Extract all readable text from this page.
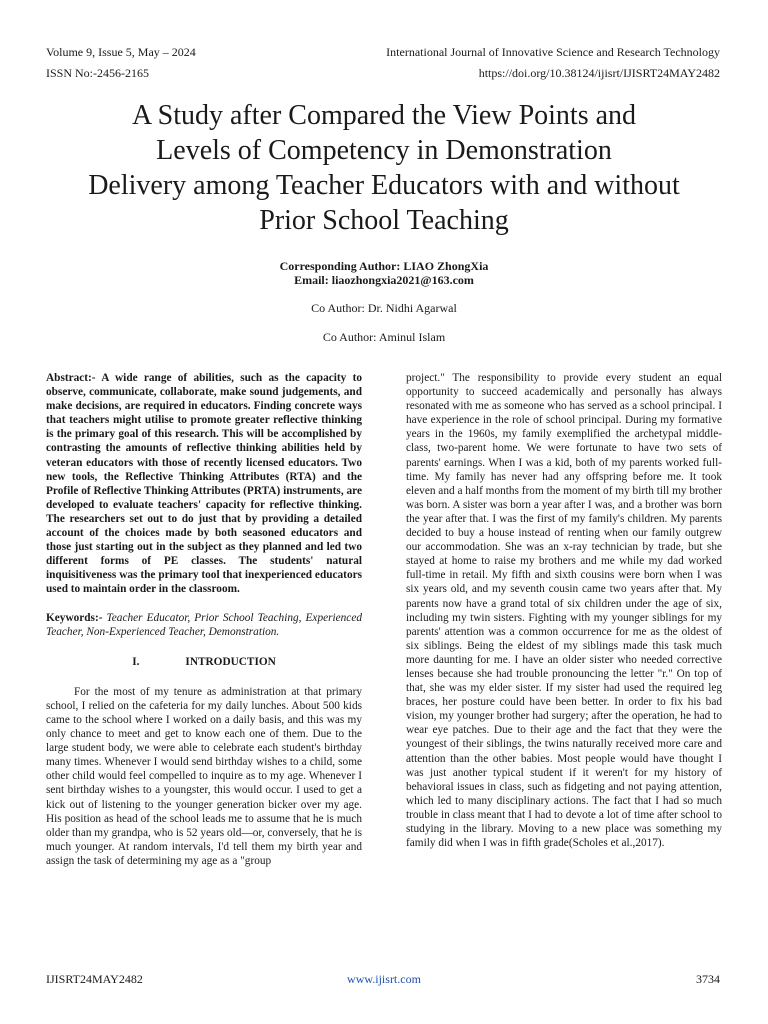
Volume 9, Issue 5, May – 2024	International Journal of Innovative Science and Research Technology
ISSN No:-2456-2165	https://doi.org/10.38124/ijisrt/IJISRT24MAY2482
A Study after Compared the View Points and
Levels of Competency in Demonstration
Delivery among Teacher Educators with and without
Prior School Teaching
Corresponding Author: LIAO ZhongXia
Email: liaozhongxia2021@163.com
Co Author: Dr. Nidhi Agarwal
Co Author: Aminul Islam

Abstract:- A wide range of abilities, such as the capacity to observe, communicate, collaborate, make sound judgements, and make decisions, are required in educators. Finding concrete ways that teachers might utilise to promote greater reflective thinking is the primary goal of this research. This will be accomplished by contrasting the amounts of reflective thinking abilities held by veteran educators with those of recently licensed educators. Two new tools, the Reflective Thinking Attributes (RTA) and the Profile of Reflective Thinking Attributes (PRTA) instruments, are developed to evaluate teachers' capacity for reflective thinking. The researchers set out to do just that by providing a detailed account of the choices made by both seasoned educators and those just starting out in the subject as they planned and led two different forms of PE classes. The students' natural inquisitiveness was the primary tool that inexperienced educators used to maintain order in the classroom.

Keywords:- Teacher Educator, Prior School Teaching, Experienced Teacher, Non-Experienced Teacher, Demonstration.

I.	INTRODUCTION

For the most of my tenure as administration at that primary school, I relied on the cafeteria for my daily lunches. About 500 kids came to the school where I worked on a daily basis, and this was my only chance to meet and get to know each one of them. Due to the large student body, we were able to celebrate each student's birthday many times. Whenever I would send birthday wishes to a child, some other child would feel compelled to inquire as to my age. Whenever I sent birthday wishes to a youngster, this would occur. I used to get a kick out of listening to the younger generation bicker over my age. His position as head of the school leads me to assume that he is much older than my grandpa, who is 52 years old—or, conversely, that he is much younger. At random intervals, I'd tell them my birth year and assign the task of determining my age as a "group

project." The responsibility to provide every student an equal opportunity to succeed academically and personally has always resonated with me as someone who has served as a school principal. I have experience in the role of school principal. During my formative years in the 1960s, my family exemplified the archetypal middle-class, two-parent home. We were fortunate to have two sets of parents' earnings. When I was a kid, both of my parents worked full-time. My family has never had any offspring before me. It took eleven and a half months from the moment of my birth till my brother was born. A sister was born a year after I was, and a brother was born the year after that. I was the first of my family's children. My parents decided to buy a house instead of renting when our family outgrew our accommodation. She was an x-ray technician by trade, but she stayed at home to raise my brothers and me while my dad worked full-time in retail. My fifth and sixth cousins were born when I was six years old, and my seventh cousin came two years after that. My parents now have a grand total of six children under the age of six, including my twin sisters. Fighting with my younger siblings for my parents' attention was a common occurrence for me as the oldest of six siblings. Being the eldest of my siblings made this task much more daunting for me. I have an older sister who needed corrective lenses because she had trouble pronouncing the letter "r." On top of that, she was my elder sister. If my sister had used the required leg braces, her posture could have been better. In order to fix his bad vision, my younger brother had surgery; after the operation, he had to wear eye patches. Due to their age and the fact that they were the youngest of their siblings, the twins naturally received more care and attention than the other babies. Most people would have thought I was just another typical student if it weren't for my history of behavioral issues in class, such as fidgeting and not paying attention, which led to many disciplinary actions. The fact that I had so much trouble in class meant that I had to devote a lot of time after school to studying in the library. Moving to a new place was something my family did when I was in fifth grade(Scholes et al.,2017).

IJISRT24MAY2482	www.ijisrt.com	3734
